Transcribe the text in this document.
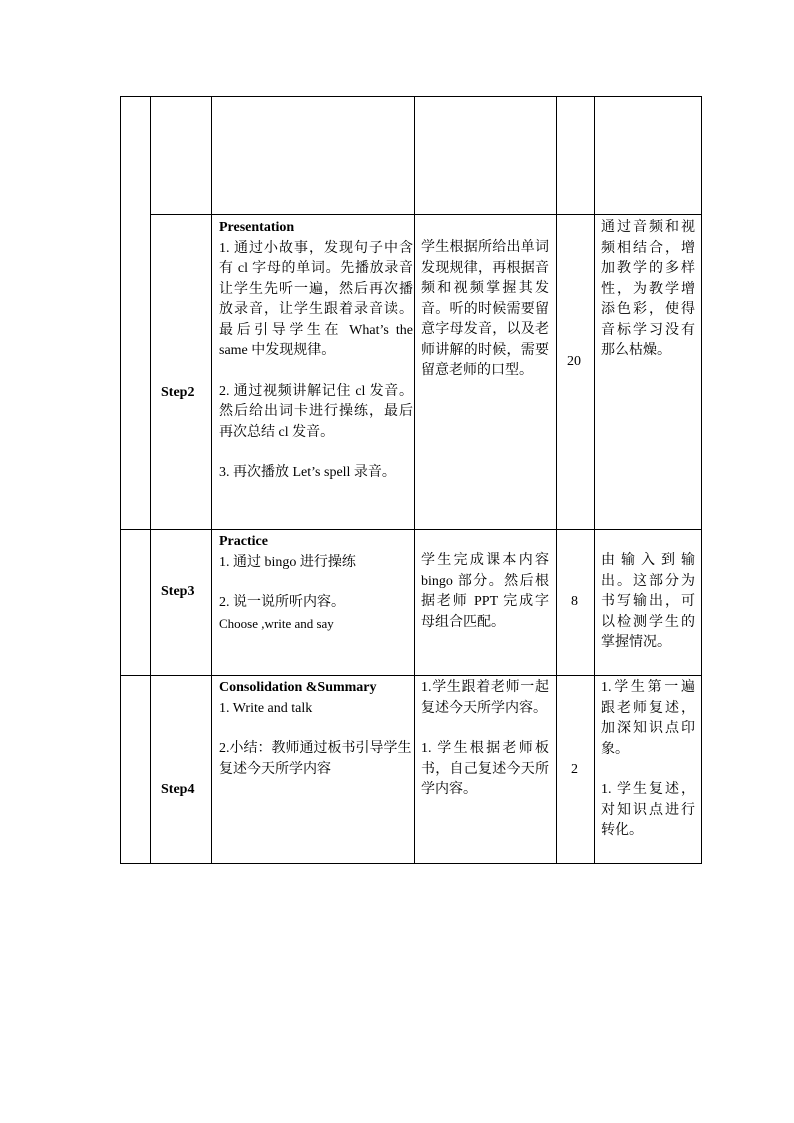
Step2
Presentation

1. 通过小故事，发现句子中含有 cl 字母的单词。先播放录音让学生先听一遍，然后再次播放录音，让学生跟着录音读。最后引导学生在 What’s the same 中发现规律。

2. 通过视频讲解记住 cl 发音。然后给出词卡进行操练，最后再次总结 cl 发音。

3. 再次播放 Let’s spell 录音。

学生根据所给出单词发现规律，再根据音频和视频掌握其发音。听的时候需要留意字母发音，以及老师讲解的时候，需要留意老师的口型。

20

通过音频和视频相结合，增加教学的多样性，为教学增添色彩，使得音标学习没有那么枯燥。

Step3
Practice

1. 通过 bingo 进行操练

2. 说一说所听内容。

Choose ,write and say

学生完成课本内容 bingo 部分。然后根据老师 PPT 完成字母组合匹配。

8

由输入到输出。这部分为书写输出，可以检测学生的掌握情况。

Step4
Consolidation &Summary

1. Write and talk

2.小结：教师通过板书引导学生复述今天所学内容

1.学生跟着老师一起复述今天所学内容。

1. 学生根据老师板书，自己复述今天所学内容。

2

1.学生第一遍跟老师复述，加深知识点印象。

1. 学生复述，对知识点进行转化。
